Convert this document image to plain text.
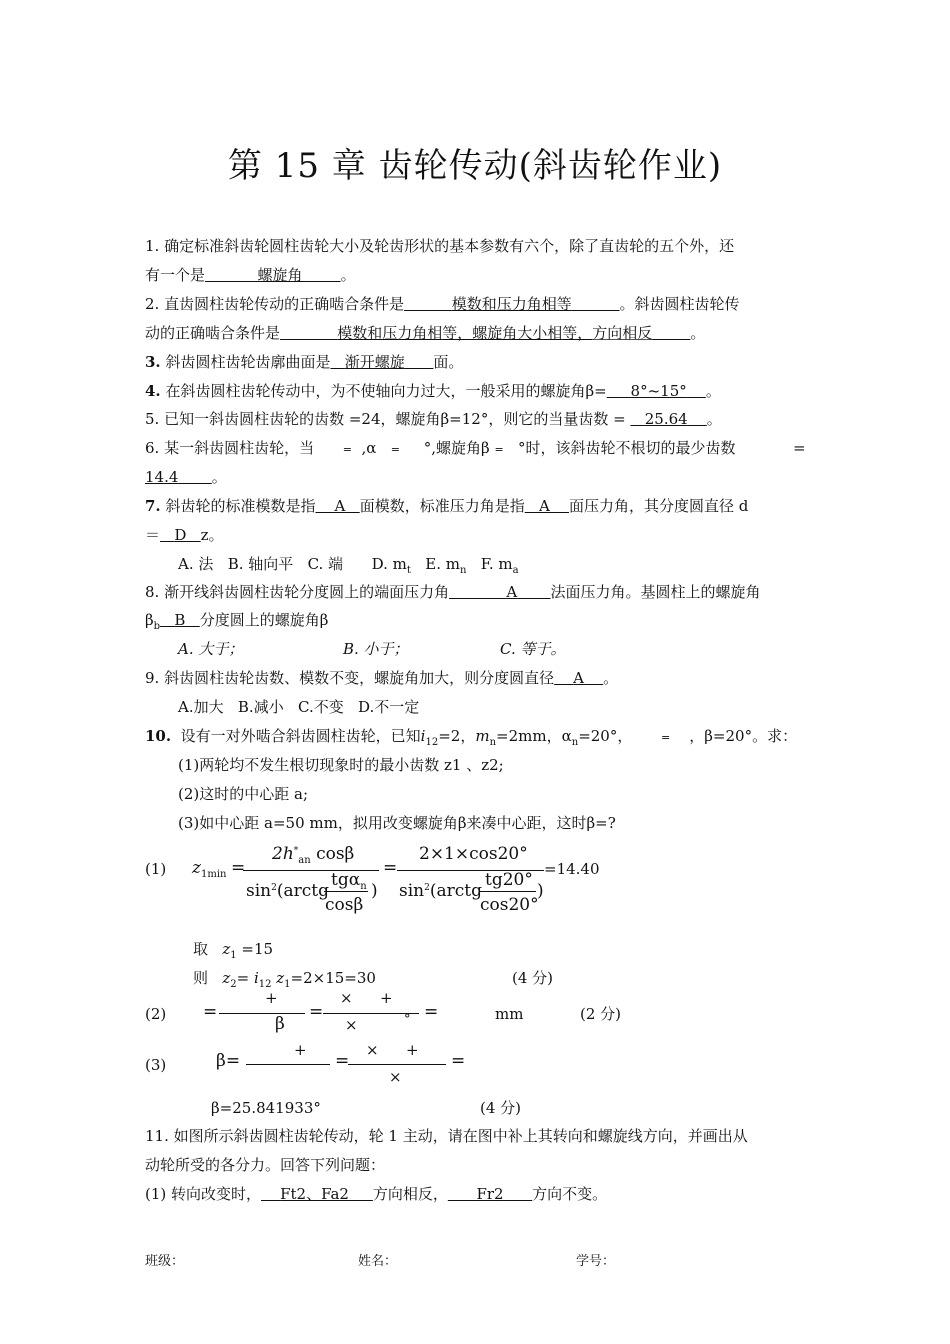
第 15 章 齿轮传动(斜齿轮作业)
1. 确定标准斜齿轮圆柱齿轮大小及轮齿形状的基本参数有六个，除了直齿轮的五个外，还
有一个是	螺旋角	。
2. 直齿圆柱齿轮传动的正确啮合条件是	模数和压力角相等	。斜齿圆柱齿轮传
动的正确啮合条件是	模数和压力角相等，螺旋角大小相等，方向相反	。
3. 斜齿圆柱齿轮齿廓曲面是 渐开螺旋 面。
4. 在斜齿圆柱齿轮传动中，为不使轴向力过大，一般采用的螺旋角β= 8°~15° 。
5. 已知一斜齿圆柱齿轮的齿数 =24，螺旋角β=12°，则它的当量齿数 = 25.64 。
6. 某一斜齿圆柱齿轮，当	= ,α = °,螺旋角β = °时，该斜齿轮不根切的最少齿数	=
14.4 。
7. 斜齿轮的标准模数是指 A 面模数，标准压力角是指 A 面压力角，其分度圆直径 d
＝ D z。
A. 法 B. 轴向平 C. 端 D. $m_t$ E. $m_n$ F. $m_a$
8. 渐开线斜齿圆柱齿轮分度圆上的端面压力角	A 法面压力角。基圆柱上的螺旋角
$\beta_b$ B 分度圆上的螺旋角β
A. 大于；	B. 小于；	C. 等于。
9. 斜齿圆柱齿轮齿数、模数不变，螺旋角加大，则分度圆直径 A 。
A.加大   B.减小   C.不变   D.不一定
10. 设有一对外啮合斜齿圆柱齿轮，已知$i_{12}=2$，$m_n=2mm$，$\alpha_n=20^\circ$，	= ，β=20°。求：
(1)两轮均不发生根切现象时的最小齿数 z1 、z2;
(2)这时的中心距 a;
(3)如中心距 a=50 mm，拟用改变螺旋角β来凑中心距，这时β=?
(1) $z_{1min}$ =
$2h^*_{an}$ cosβ
$\sin^2(arctg$ )
tgα$_n$
cosβ
=
2×1×cos20°
$\sin^2(arctg$	)
tg20°
cos20°
=14.40
取 $z_1 =15$
则 $z_2= i_{12}$ $z_1=2\times 15=30$	(4 分)
(2) =
+
β
=
× +
×	° =	mm	(2 分)
(3)	β=
+
=
× +
×
=
β=25.841933°	(4 分)
11. 如图所示斜齿圆柱齿轮传动，轮 1 主动，请在图中补上其转向和螺旋线方向，并画出从
动轮所受的各分力。回答下列问题：
(1) 转向改变时， Ft2、Fa2 方向相反， Fr2 方向不变。
班级：	姓名：	学号：
